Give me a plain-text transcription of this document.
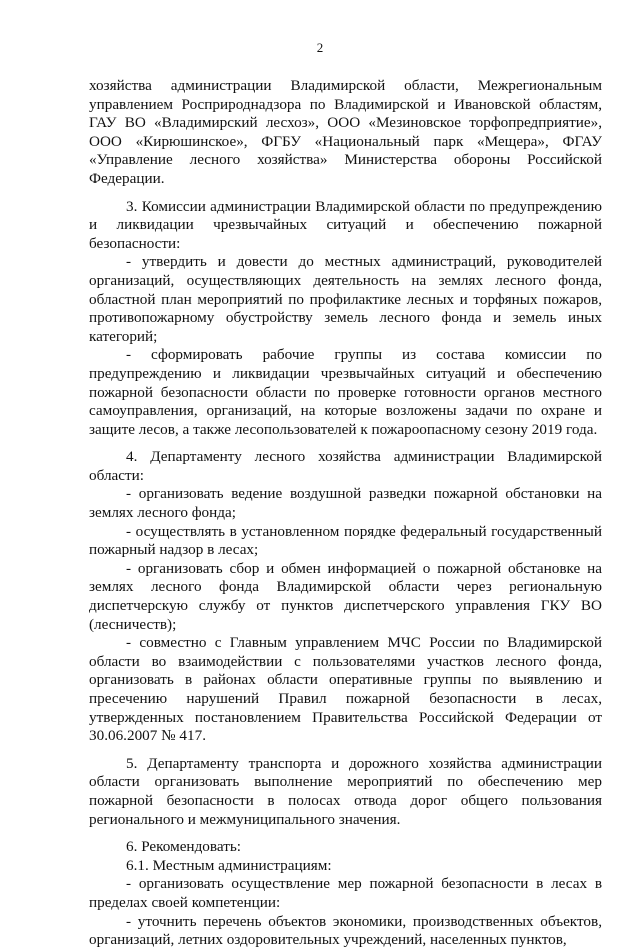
2

хозяйства администрации Владимирской области, Межрегиональным управлением Росприроднадзора по Владимирской и Ивановской областям, ГАУ ВО «Владимирский лесхоз», ООО «Мезиновское торфопредприятие», ООО «Кирюшинское», ФГБУ «Национальный парк «Мещера», ФГАУ «Управление лесного хозяйства» Министерства обороны Российской Федерации.

3. Комиссии администрации Владимирской области по предупреждению и ликвидации чрезвычайных ситуаций и обеспечению пожарной безопасности:

- утвердить и довести до местных администраций, руководителей организаций, осуществляющих деятельность на землях лесного фонда, областной план мероприятий по профилактике лесных и торфяных пожаров, противопожарному обустройству земель лесного фонда и земель иных категорий;

- сформировать рабочие группы из состава комиссии по предупреждению и ликвидации чрезвычайных ситуаций и обеспечению пожарной безопасности области по проверке готовности органов местного самоуправления, организаций, на которые возложены задачи по охране и защите лесов, а также лесопользователей к пожароопасному сезону 2019 года.

4. Департаменту лесного хозяйства администрации Владимирской области:

- организовать ведение воздушной разведки пожарной обстановки на землях лесного фонда;

- осуществлять в установленном порядке федеральный государственный пожарный надзор в лесах;

- организовать сбор и обмен информацией о пожарной обстановке на землях лесного фонда Владимирской области через региональную диспетчерскую службу от пунктов диспетчерского управления ГКУ ВО (лесничеств);

- совместно с Главным управлением МЧС России по Владимирской области во взаимодействии с пользователями участков лесного фонда, организовать в районах области оперативные группы по выявлению и пресечению нарушений Правил пожарной безопасности в лесах, утвержденных постановлением Правительства Российской Федерации от 30.06.2007 № 417.

5. Департаменту транспорта и дорожного хозяйства администрации области организовать выполнение мероприятий по обеспечению мер пожарной безопасности в полосах отвода дорог общего пользования регионального и межмуниципального значения.

6. Рекомендовать:

6.1. Местным администрациям:

- организовать осуществление мер пожарной безопасности в лесах в пределах своей компетенции:

- уточнить перечень объектов экономики, производственных объектов, организаций, летних оздоровительных учреждений, населенных пунктов,
